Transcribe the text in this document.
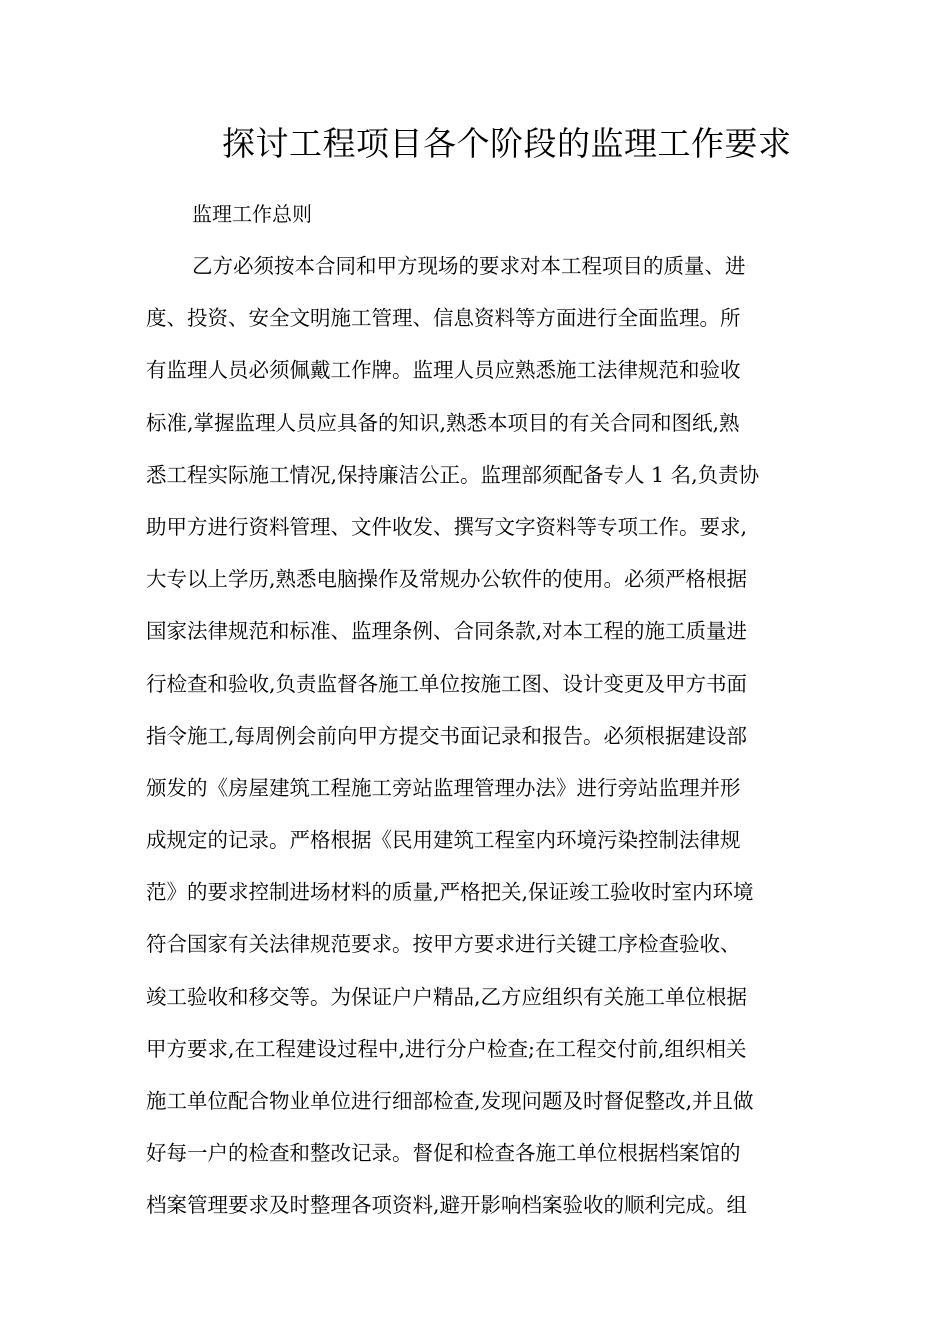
探讨工程项目各个阶段的监理工作要求
监理工作总则
乙方必须按本合同和甲方现场的要求对本工程项目的质量、进
度、投资、安全文明施工管理、信息资料等方面进行全面监理。所
有监理人员必须佩戴工作牌。监理人员应熟悉施工法律规范和验收
标准,掌握监理人员应具备的知识,熟悉本项目的有关合同和图纸,熟
悉工程实际施工情况,保持廉洁公正。监理部须配备专人 1 名,负责协
助甲方进行资料管理、文件收发、撰写文字资料等专项工作。要求,
大专以上学历,熟悉电脑操作及常规办公软件的使用。必须严格根据
国家法律规范和标准、监理条例、合同条款,对本工程的施工质量进
行检查和验收,负责监督各施工单位按施工图、设计变更及甲方书面
指令施工,每周例会前向甲方提交书面记录和报告。必须根据建设部
颁发的《房屋建筑工程施工旁站监理管理办法》进行旁站监理并形
成规定的记录。严格根据《民用建筑工程室内环境污染控制法律规
范》的要求控制进场材料的质量,严格把关,保证竣工验收时室内环境
符合国家有关法律规范要求。按甲方要求进行关键工序检查验收、
竣工验收和移交等。为保证户户精品,乙方应组织有关施工单位根据
甲方要求,在工程建设过程中,进行分户检查;在工程交付前,组织相关
施工单位配合物业单位进行细部检查,发现问题及时督促整改,并且做
好每一户的检查和整改记录。督促和检查各施工单位根据档案馆的
档案管理要求及时整理各项资料,避开影响档案验收的顺利完成。组
